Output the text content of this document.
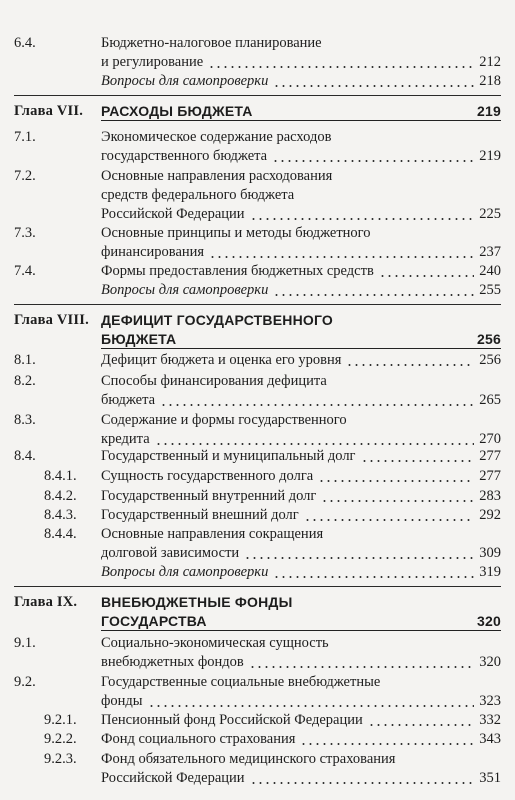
6.4.	Бюджетно-налоговое планирование
и регулирование	212
Вопросы для самопроверки	218
Глава VII. РАСХОДЫ БЮДЖЕТА	219
7.1.	Экономическое содержание расходов
государственного бюджета	219
7.2.	Основные направления расходования
средств федерального бюджета
Российской Федерации	225
7.3.	Основные принципы и методы бюджетного
финансирования	237
7.4.	Формы предоставления бюджетных средств	240
Вопросы для самопроверки	255
Глава VIII. ДЕФИЦИТ ГОСУДАРСТВЕННОГО
БЮДЖЕТА	256
8.1.	Дефицит бюджета и оценка его уровня	256
8.2.	Способы финансирования дефицита
бюджета	265
8.3.	Содержание и формы государственного
кредита	270
8.4.	Государственный и муниципальный долг	277
8.4.1. Сущность государственного долга	277
8.4.2. Государственный внутренний долг	283
8.4.3. Государственный внешний долг	292
8.4.4. Основные направления сокращения
долговой зависимости	309
Вопросы для самопроверки	319
Глава IX. ВНЕБЮДЖЕТНЫЕ ФОНДЫ
ГОСУДАРСТВА	320
9.1.	Социально-экономическая сущность
внебюджетных фондов	320
9.2.	Государственные социальные внебюджетные
фонды	323
9.2.1. Пенсионный фонд Российской Федерации	332
9.2.2. Фонд социального страхования	343
9.2.3. Фонд обязательного медицинского страхования
Российской Федерации	351
